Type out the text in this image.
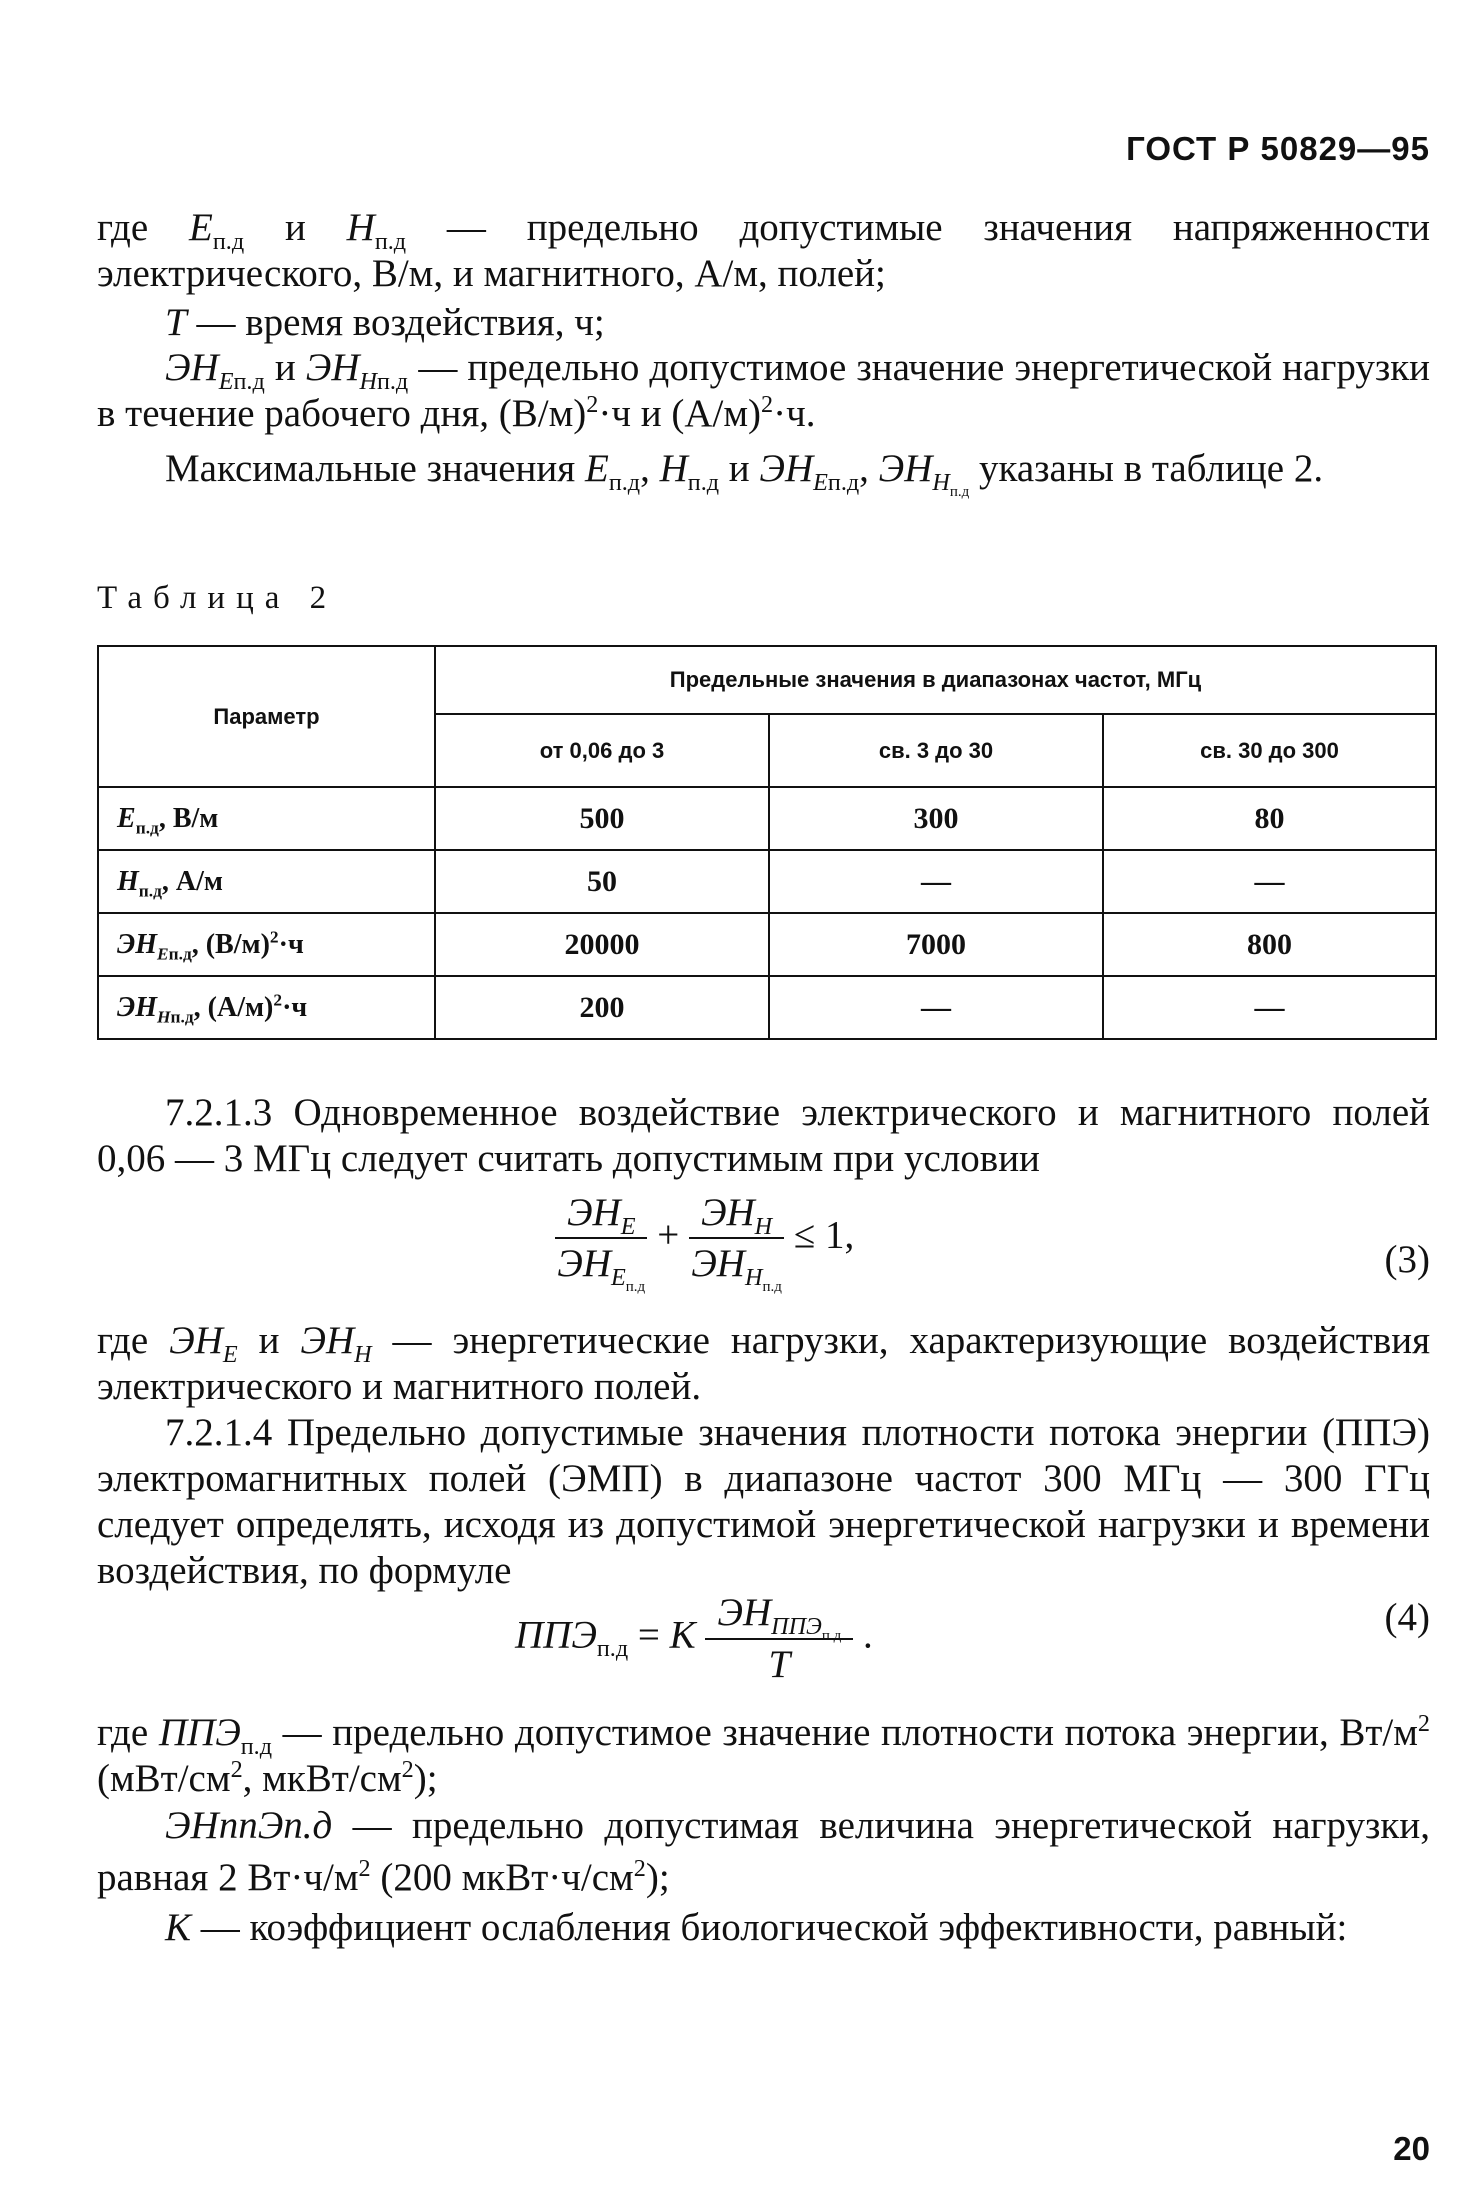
ГОСТ Р 50829—95
где $E_{п.д}$ и $H_{п.д}$ — предельно допустимые значения напряженности электрического, В/м, и магнитного, А/м, полей;
T — время воздействия, ч;
$ЭH_{Eп.д}$ и $ЭH_{Hп.д}$ — предельно допустимое значение энергетической нагрузки в течение рабочего дня, $(В/м)^2\cdot ч$ и $(А/м)^2\cdot ч$.
Максимальные значения $E_{п.д}$, $H_{п.д}$ и $ЭH_{Eп.д}$, $ЭH_{H_{п.д}}$ указаны в таблице 2.
Таблица 2
Параметр	Предельные значения в диапазонах частот, МГц		
	от 0,06 до 3	св. 3 до 30	св. 30 до 300
$E_{п.д}$, В/м	500	300	80
$H_{п.д}$, А/м	50	—	—
$ЭH_{Eп.д}$, $(В/м)^2\cdot ч$	20000	7000	800
$ЭH_{Hп.д}$, $(А/м)^2\cdot ч$	200	—	—
7.2.1.3 Одновременное воздействие электрического и магнитного полей 0,06 — 3 МГц следует считать допустимым при условии
$\frac{ЭH_E}{ЭH_{E_{п.д}}} + \frac{ЭH_H}{ЭH_{H_{п.д}}} \le 1$,
(3)
где $ЭH_E$ и $ЭH_H$ — энергетические нагрузки, характеризующие воздействия электрического и магнитного полей.
7.2.1.4 Предельно допустимые значения плотности потока энергии (ППЭ) электромагнитных полей (ЭМП) в диапазоне частот 300 МГц — 300 ГГц следует определять, исходя из допустимой энергетической нагрузки и времени воздействия, по формуле
$ППЭ_{п.д} = K \frac{ЭH_{ППЭ_{п.д}}}{T}$ .	(4)
где $ППЭ_{п.д}$ — предельно допустимое значение плотности потока энергии, $Вт/м^2$ ($мВт/см^2$, мкВт/$см^2$);
ЭНппЭп.д — предельно допустимая величина энергетической нагрузки, равная 2 $Вт\cdot ч/м^2$ (200 $мкВт\cdot ч/см^2$);
K — коэффициент ослабления биологической эффективности, равный:
20
